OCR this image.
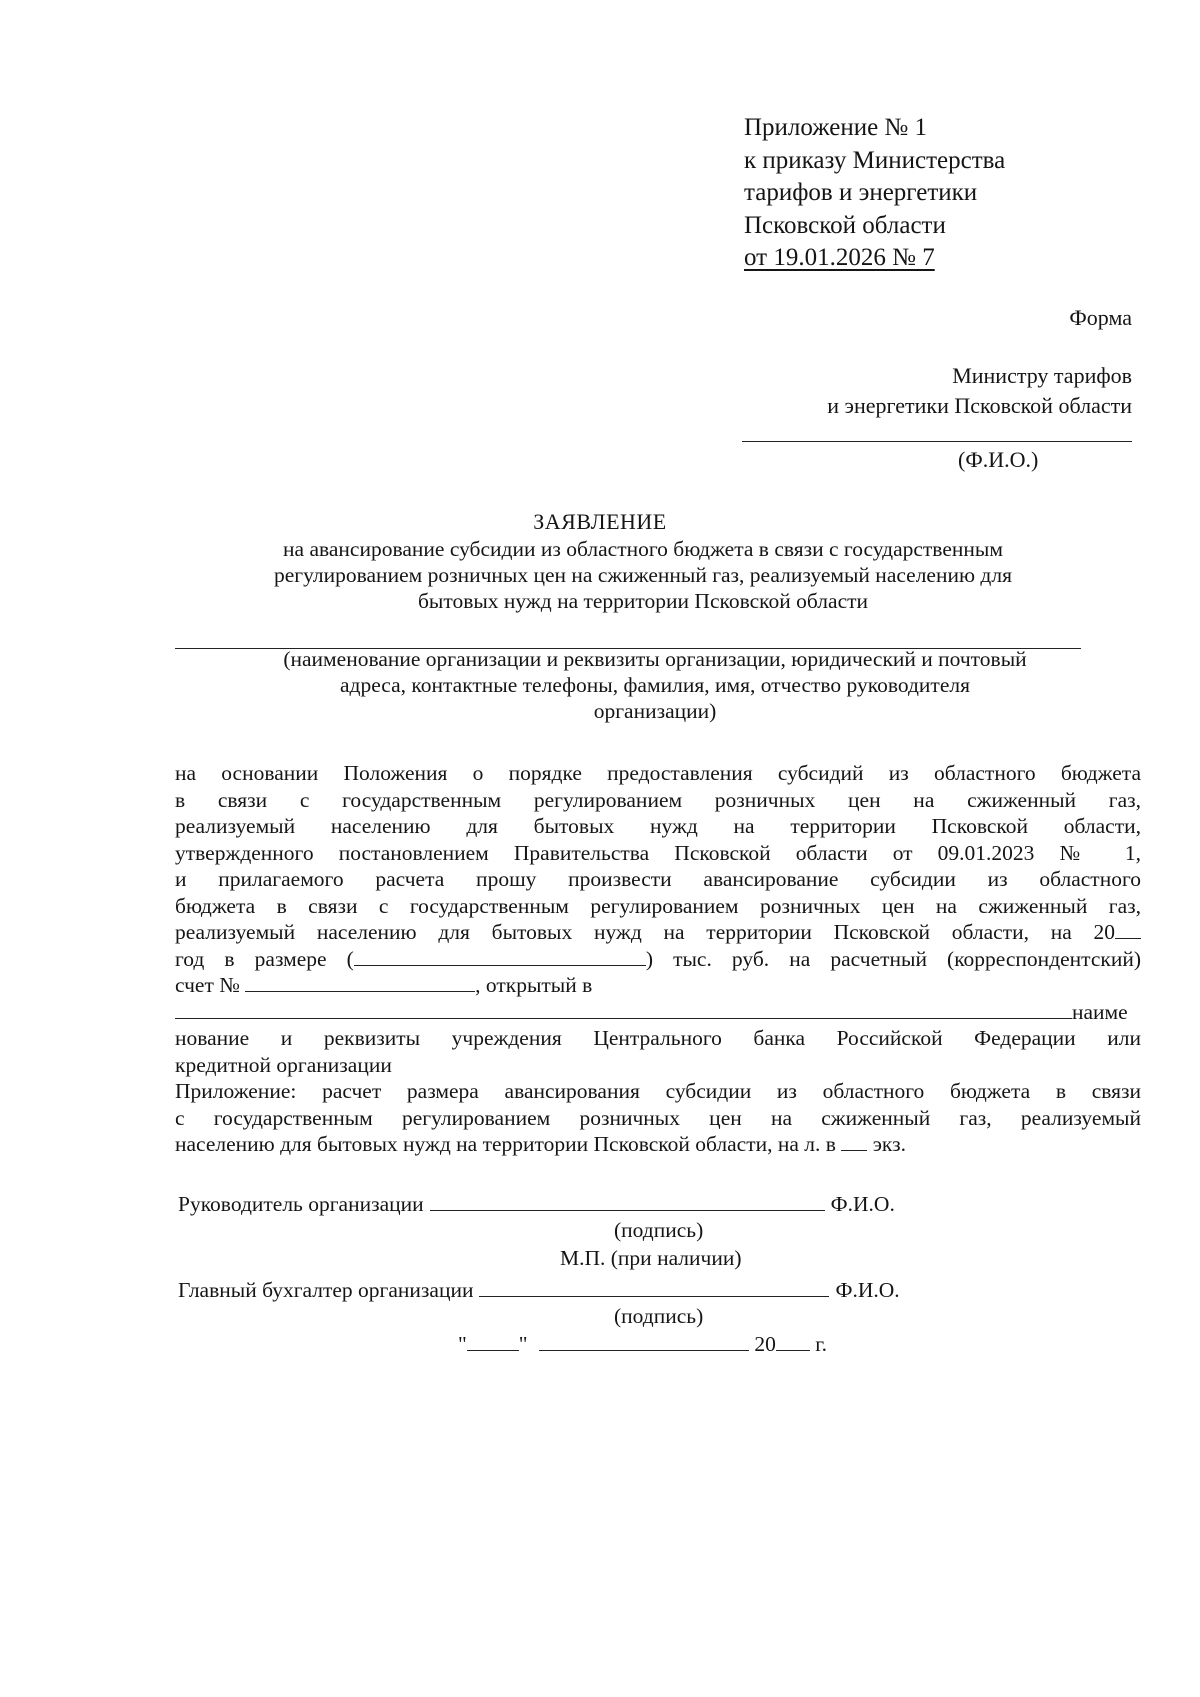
Приложение № 1
к приказу Министерства
тарифов и энергетики
Псковской области
от 19.01.2026 № 7
Форма
Министру тарифов
и энергетики Псковской области
(Ф.И.О.)
ЗАЯВЛЕНИЕ
на авансирование субсидии из областного бюджета в связи с государственным
регулированием розничных цен на сжиженный газ, реализуемый населению для
бытовых нужд на территории Псковской области
(наименование организации и реквизиты организации, юридический и почтовый
адреса, контактные телефоны, фамилия, имя, отчество руководителя
организации)
на основании Положения о порядке предоставления субсидий из областного бюджета
в связи с государственным регулированием розничных цен на сжиженный газ,
реализуемый населению для бытовых нужд на территории Псковской области,
утвержденного постановлением Правительства Псковской области от 09.01.2023 № 1,
и прилагаемого расчета прошу произвести авансирование субсидии из областного
бюджета в связи с государственным регулированием розничных цен на сжиженный газ,
реализуемый населению для бытовых нужд на территории Псковской области, на 20
год в размере (	) тыс. руб. на расчетный (корреспондентский)
счет №	, открытый в
наиме
нование и реквизиты учреждения Центрального банка Российской Федерации или
кредитной организации
Приложение: расчет размера авансирования субсидии из областного бюджета в связи
с государственным регулированием розничных цен на сжиженный газ, реализуемый
населению для бытовых нужд на территории Псковской области, на л. в экз.
Руководитель организации	Ф.И.О.
(подпись)
М.П. (при наличии)
Главный бухгалтер организации	Ф.И.О.
(подпись)
" "	20 г.
